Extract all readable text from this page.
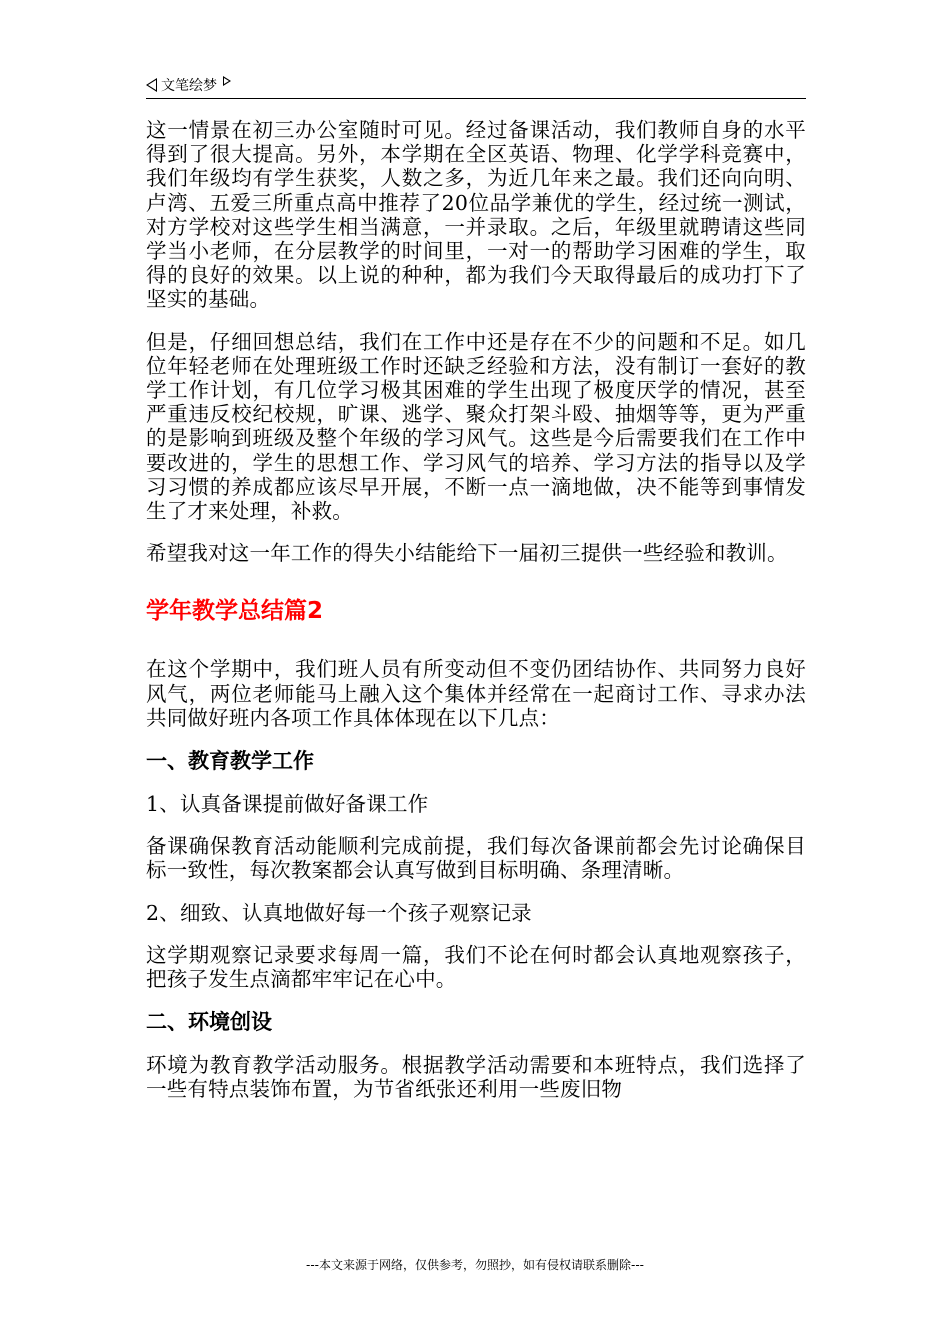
文笔绘梦

这一情景在初三办公室随时可见。经过备课活动，我们教师自身的水平得到了很大提高。另外，本学期在全区英语、物理、化学学科竞赛中，我们年级均有学生获奖，人数之多，为近几年来之最。我们还向向明、卢湾、五爱三所重点高中推荐了20位品学兼优的学生，经过统一测试，对方学校对这些学生相当满意，一并录取。之后，年级里就聘请这些同学当小老师，在分层教学的时间里，一对一的帮助学习困难的学生，取得的良好的效果。以上说的种种，都为我们今天取得最后的成功打下了坚实的基础。

但是，仔细回想总结，我们在工作中还是存在不少的问题和不足。如几位年轻老师在处理班级工作时还缺乏经验和方法，没有制订一套好的教学工作计划，有几位学习极其困难的学生出现了极度厌学的情况，甚至严重违反校纪校规，旷课、逃学、聚众打架斗殴、抽烟等等，更为严重的是影响到班级及整个年级的学习风气。这些是今后需要我们在工作中要改进的，学生的思想工作、学习风气的培养、学习方法的指导以及学习习惯的养成都应该尽早开展，不断一点一滴地做，决不能等到事情发生了才来处理，补救。

希望我对这一年工作的得失小结能给下一届初三提供一些经验和教训。

学年教学总结篇2

在这个学期中，我们班人员有所变动但不变仍团结协作、共同努力良好风气，两位老师能马上融入这个集体并经常在一起商讨工作、寻求办法共同做好班内各项工作具体体现在以下几点：

一、教育教学工作

1、认真备课提前做好备课工作

备课确保教育活动能顺利完成前提，我们每次备课前都会先讨论确保目标一致性，每次教案都会认真写做到目标明确、条理清晰。

2、细致、认真地做好每一个孩子观察记录

这学期观察记录要求每周一篇，我们不论在何时都会认真地观察孩子，把孩子发生点滴都牢牢记在心中。

二、环境创设

环境为教育教学活动服务。根据教学活动需要和本班特点，我们选择了一些有特点装饰布置，为节省纸张还利用一些废旧物

---本文来源于网络，仅供参考，勿照抄，如有侵权请联系删除---
